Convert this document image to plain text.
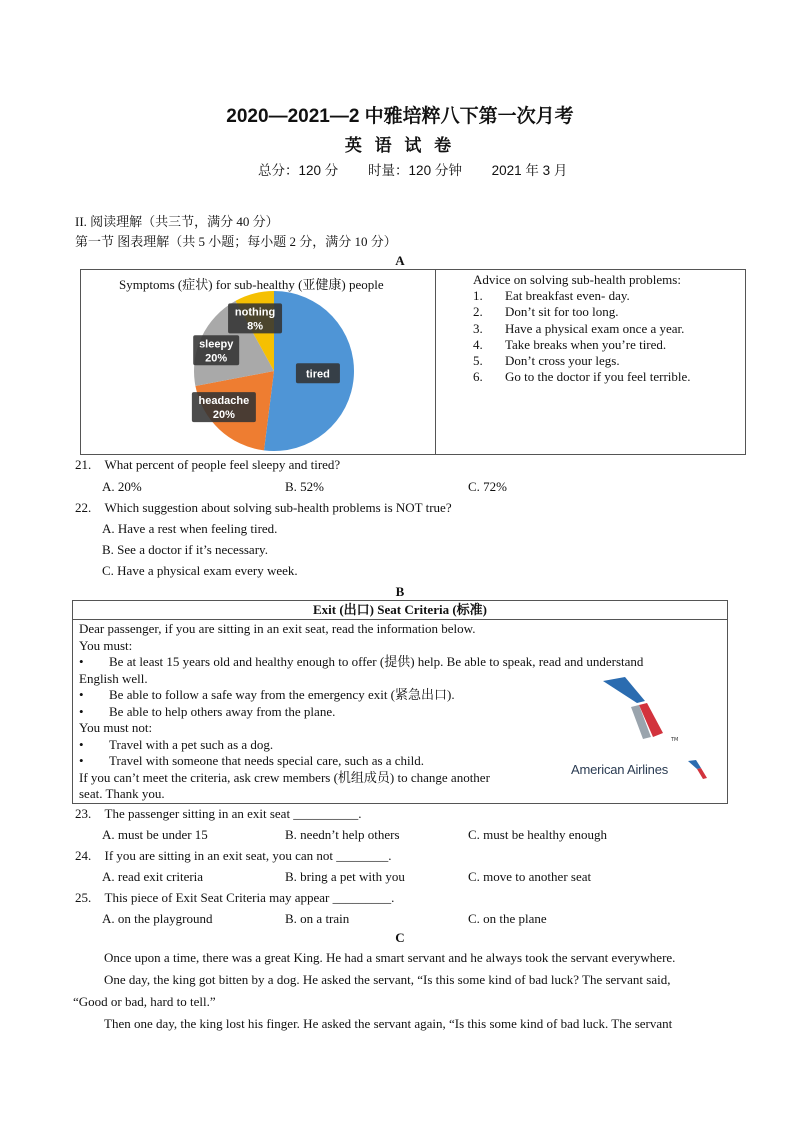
2020—2021—2 中雅培粹八下第一次月考
英 语 试 卷
总分：120 分 时量：120 分钟 2021 年 3 月
II. 阅读理解（共三节，满分 40 分）
第一节 图表理解（共 5 小题；每小题 2 分，满分 10 分）
A
Symptoms (症状) for sub-healthy (亚健康) people
tired
headache
20%
sleepy
20%
nothing
8%
Advice on solving sub-health problems:
1. Eat breakfast even- day.
2. Don’t sit for too long.
3. Have a physical exam once a year.
4. Take breaks when you’re tired.
5. Don’t cross your legs.
6. Go to the doctor if you feel terrible.
21. What percent of people feel sleepy and tired?
A. 20%	B. 52%	C. 72%
22. Which suggestion about solving sub-health problems is NOT true?
A. Have a rest when feeling tired.
B. See a doctor if it’s necessary.
C. Have a physical exam every week.
B
Exit (出口) Seat Criteria (标准)
Dear passenger, if you are sitting in an exit seat, read the information below.
You must:
• Be at least 15 years old and healthy enough to offer (提供) help. Be able to speak, read and understand
English well.
• Be able to follow a safe way from the emergency exit (紧急出口).
• Be able to help others away from the plane.
You must not:
• Travel with a pet such as a dog.
• Travel with someone that needs special care, such as a child.
If you can’t meet the criteria, ask crew members (机组成员) to change another
seat. Thank you.
TM
American Airlines
23. The passenger sitting in an exit seat __________.
A. must be under 15	B. needn’t help others	C. must be healthy enough
24. If you are sitting in an exit seat, you can not ________.
A. read exit criteria	B. bring a pet with you	C. move to another seat
25. This piece of Exit Seat Criteria may appear _________.
A. on the playground	B. on a train	C. on the plane
C

Once upon a time, there was a great King. He had a smart servant and he always took the servant everywhere.

One day, the king got bitten by a dog. He asked the servant, “Is this some kind of bad luck? The servant said,

“Good or bad, hard to tell.”

Then one day, the king lost his finger. He asked the servant again, “Is this some kind of bad luck. The servant
